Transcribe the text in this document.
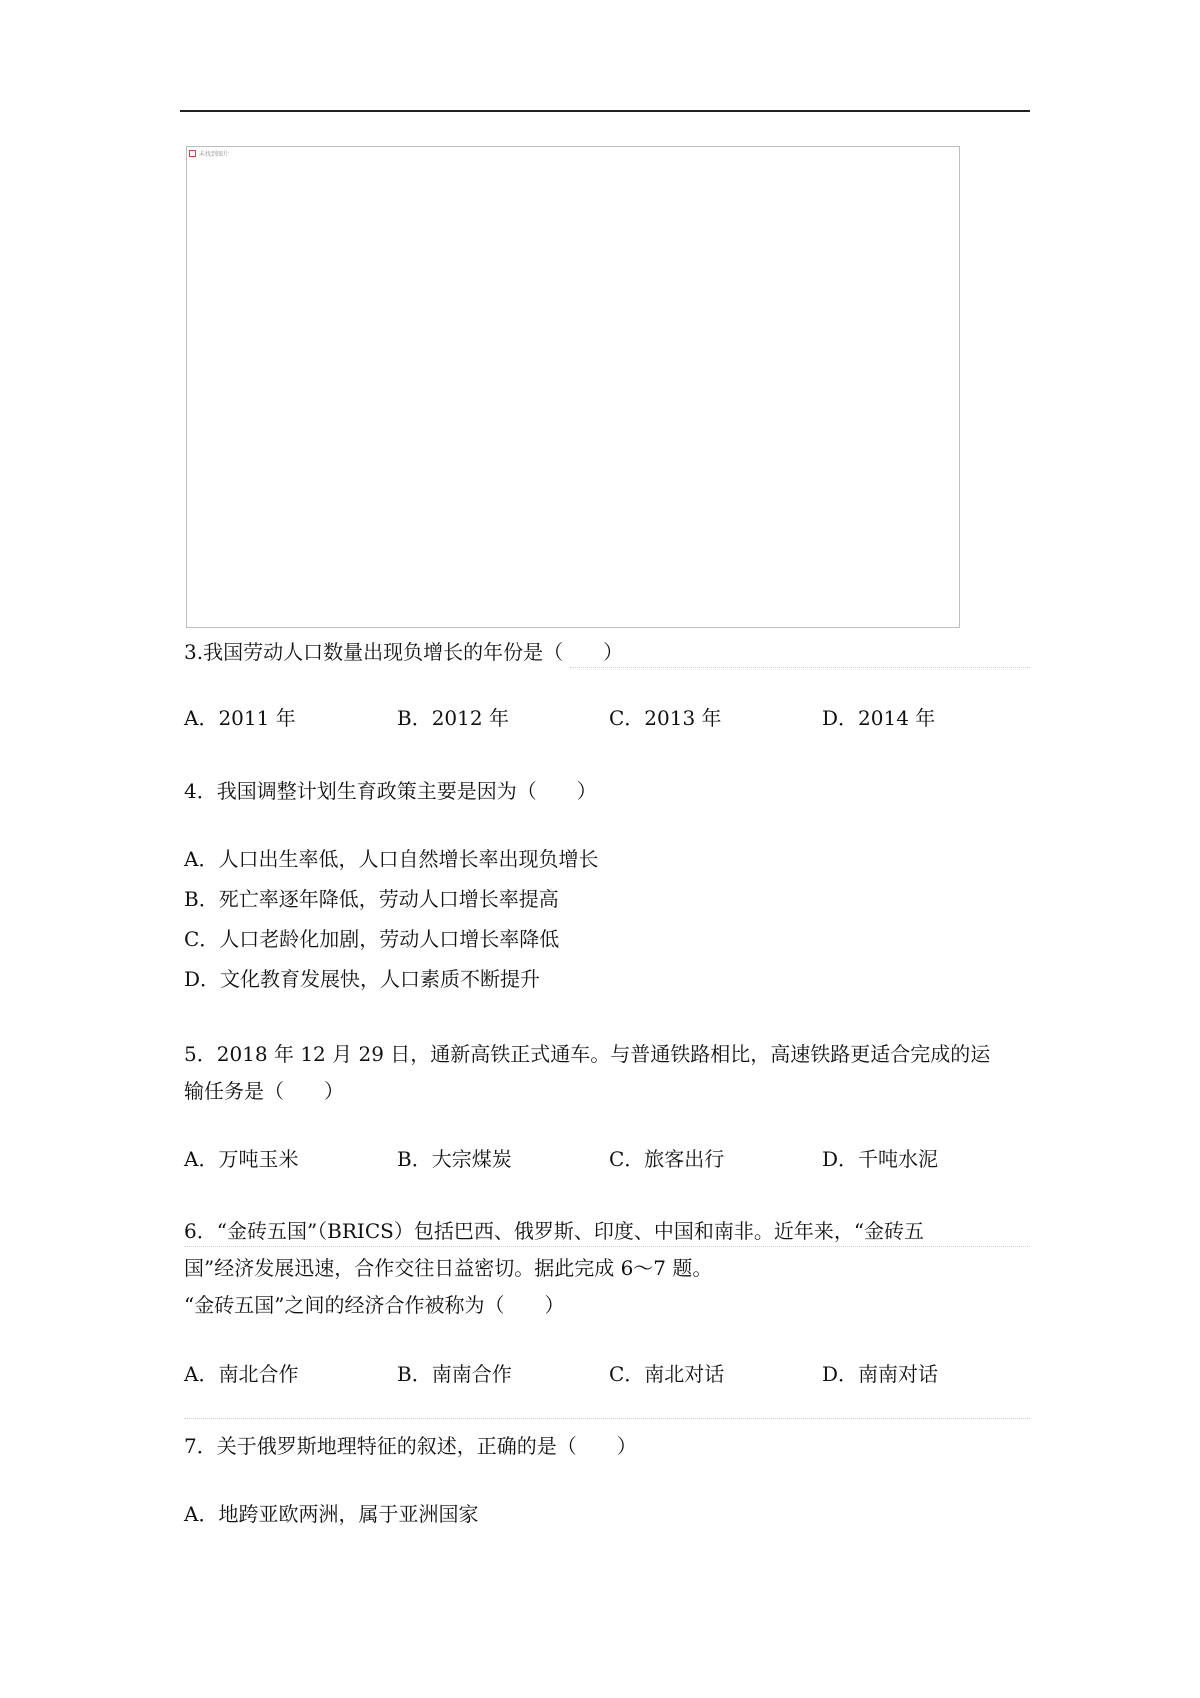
未找到图片
3.我国劳动人口数量出现负增长的年份是（　　）
A．2011 年	B．2012 年	C．2013 年	D．2014 年
4．我国调整计划生育政策主要是因为（　　）
A．人口出生率低，人口自然增长率出现负增长
B．死亡率逐年降低，劳动人口增长率提高
C．人口老龄化加剧，劳动人口增长率降低
D．文化教育发展快，人口素质不断提升
5．2018 年 12 月 29 日，通新高铁正式通车。与普通铁路相比，高速铁路更适合完成的运
输任务是（　　）
A．万吨玉米	B．大宗煤炭	C．旅客出行	D．千吨水泥
6．“金砖五国”（BRICS）包括巴西、俄罗斯、印度、中国和南非。近年来，“金砖五
国”经济发展迅速，合作交往日益密切。据此完成 6～7 题。
“金砖五国”之间的经济合作被称为（　　）
A．南北合作	B．南南合作	C．南北对话	D．南南对话
7．关于俄罗斯地理特征的叙述，正确的是（　　）
A．地跨亚欧两洲，属于亚洲国家
